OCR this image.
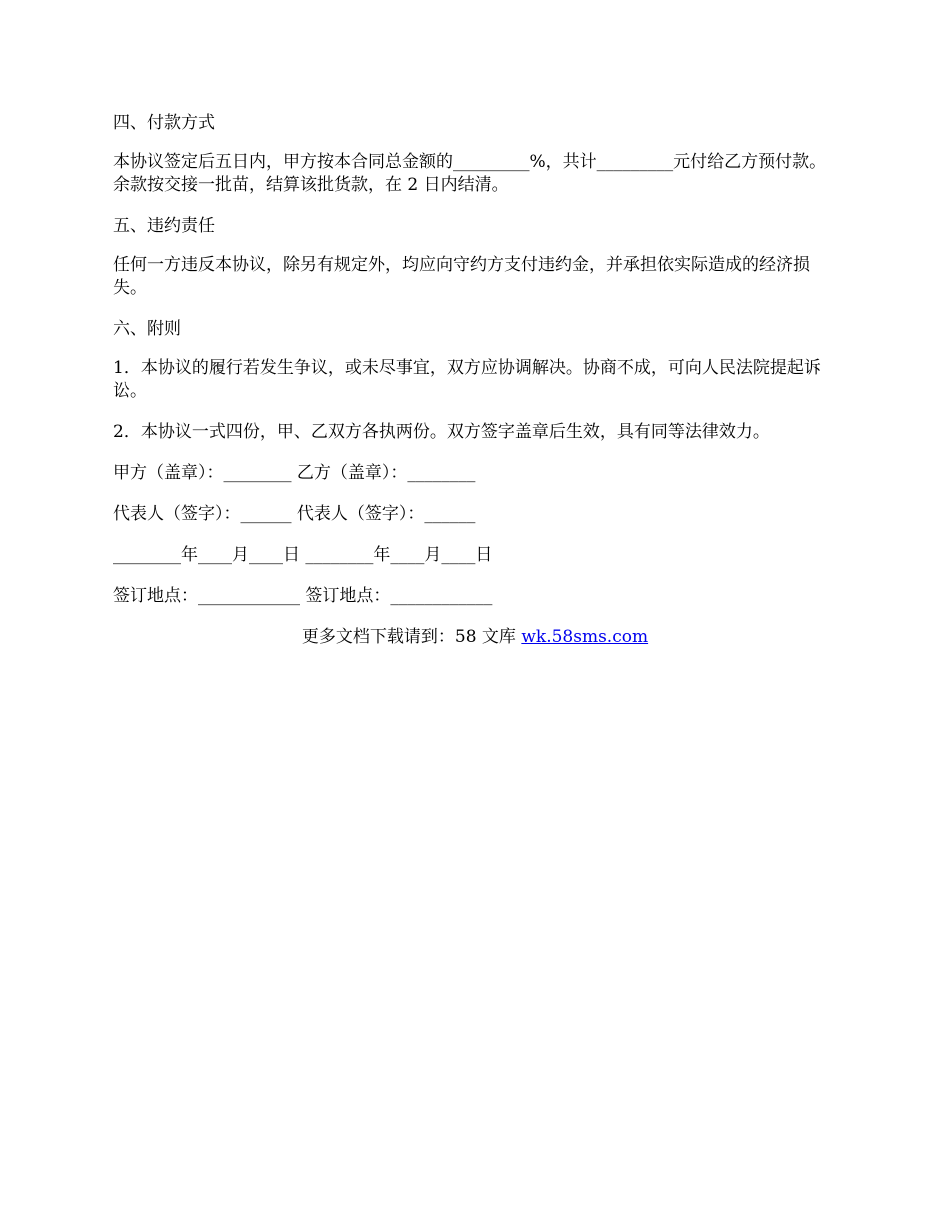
四、付款方式

本协议签定后五日内，甲方按本合同总金额的_________%，共计_________元付给乙方预付款。余款按交接一批苗，结算该批货款，在 2 日内结清。

五、违约责任

任何一方违反本协议，除另有规定外，均应向守约方支付违约金，并承担依实际造成的经济损失。

六、附则

1．本协议的履行若发生争议，或未尽事宜，双方应协调解决。协商不成，可向人民法院提起诉讼。

2．本协议一式四份，甲、乙双方各执两份。双方签字盖章后生效，具有同等法律效力。

甲方（盖章）：________ 乙方（盖章）：________

代表人（签字）：______ 代表人（签字）：______

________年____月____日 ________年____月____日

签订地点：____________ 签订地点：____________

更多文档下载请到：58 文库 wk.58sms.com
